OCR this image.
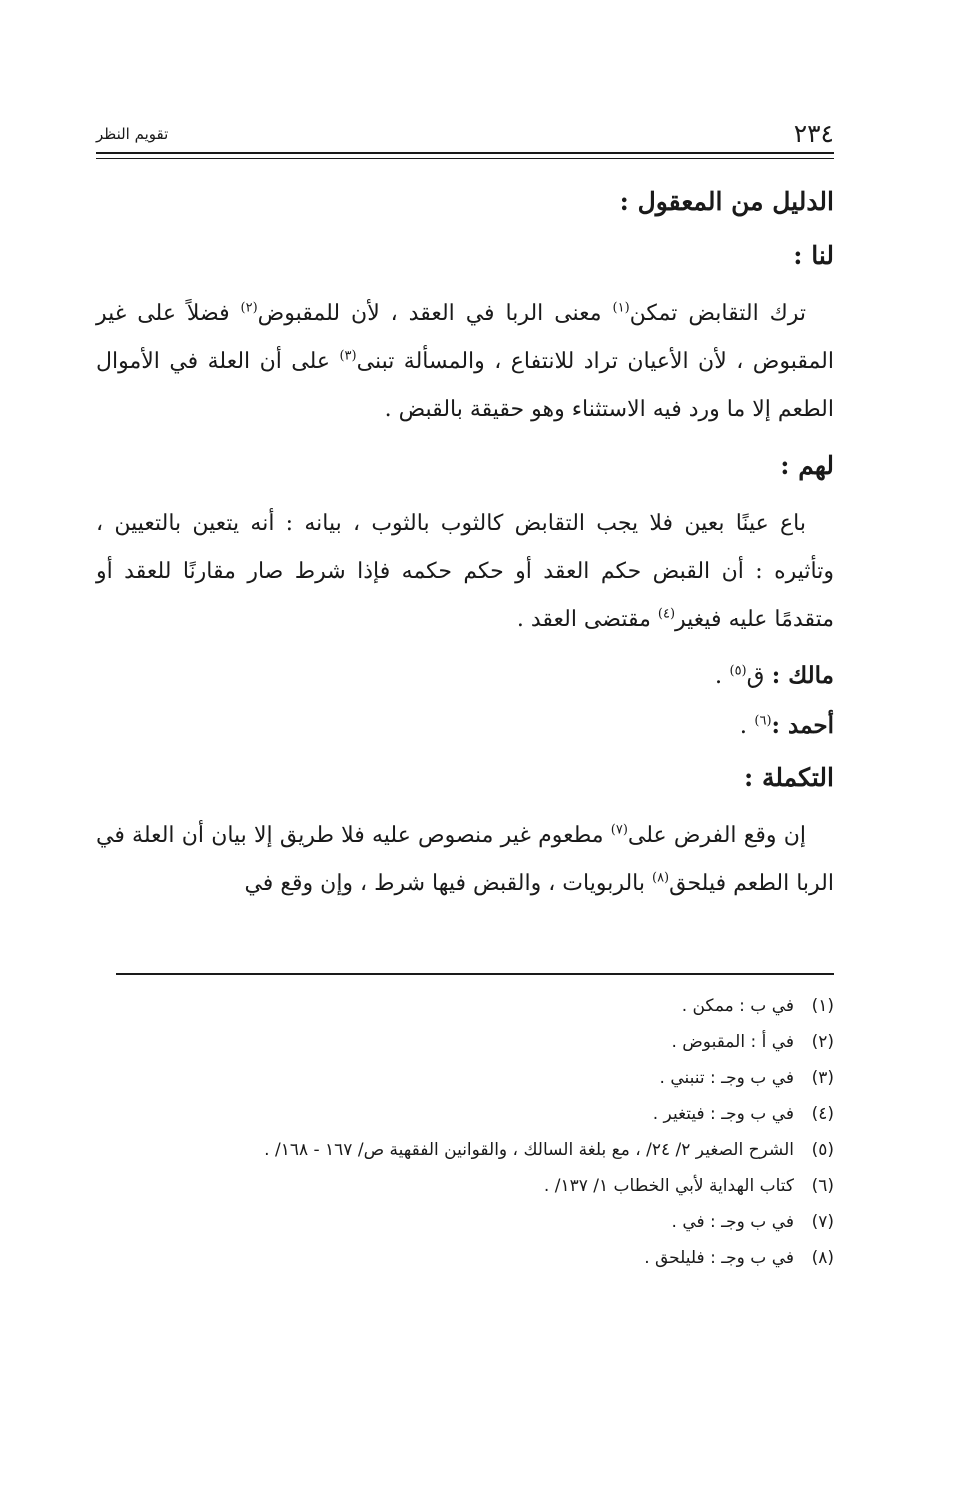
٢٣٤
تقويم النظر
الدليل من المعقول :
لنا :

ترك التقابض تمكن$^{(١)}$ معنى الربا في العقد ، لأن للمقبوض$^{(٢)}$ فضلاً على غير المقبوض ، لأن الأعيان تراد للانتفاع ، والمسألة تبنى$^{(٣)}$ على أن العلة في الأموال الطعم إلا ما ورد فيه الاستثناء وهو حقيقة بالقبض .

لهم :

باع عينًا بعين فلا يجب التقابض كالثوب بالثوب ، بيانه : أنه يتعين بالتعيين ، وتأثيره : أن القبض حكم العقد أو حكم حكمه فإذا شرط صار مقارنًا للعقد أو متقدمًا عليه فيغير$^{(٤)}$ مقتضى العقد .

مالك : ق$^{(٥)}$ .
أحمد :$^{(٦)}$ .
التكملة :

إن وقع الفرض على$^{(٧)}$ مطعوم غير منصوص عليه فلا طريق إلا بيان أن العلة في الربا الطعم فيلحق$^{(٨)}$ بالربويات ، والقبض فيها شرط ، وإن وقع في

(١)في ب : ممكن .
(٢)في أ : المقبوض .
(٣)في ب وجـ : تنبني .
(٤)في ب وجـ : فيتغير .
(٥)الشرح الصغير ٢/ ٢٤/ ، مع بلغة السالك ، والقوانين الفقهية ص/ ١٦٧ - ١٦٨/ .
(٦)كتاب الهداية لأبي الخطاب ١/ ١٣٧/ .
(٧)في ب وجـ : في .
(٨)في ب وجـ : فليلحق .
